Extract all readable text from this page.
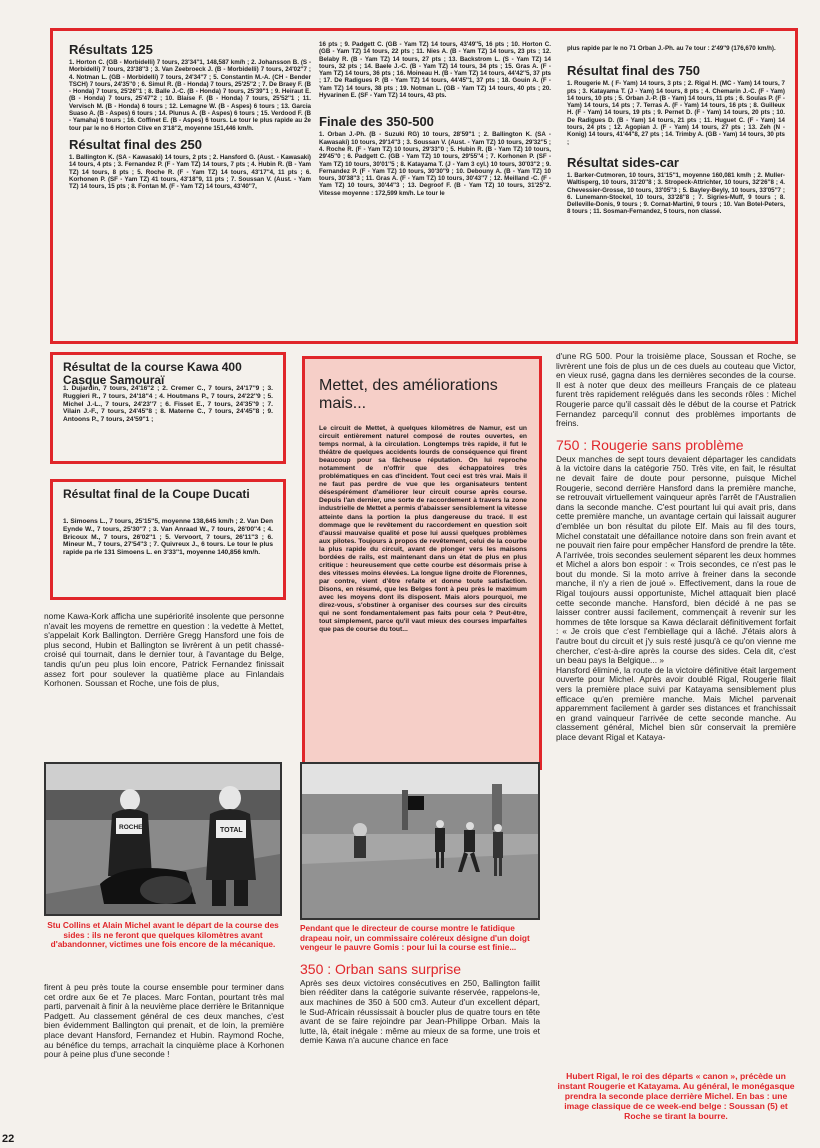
Résultats 125

1. Horton C. (GB - Morbidelli) 7 tours, 23'34''1, 148,587 km/h ; 2. Johansson B. (S - Morbidelli) 7 tours, 23'38''3 ; 3. Van Zeebroeck J. (B - Morbidelli) 7 tours, 24'02''7 ; 4. Notman L. (GB - Morbidelli) 7 tours, 24'34''7 ; 5. Constantin M.-A. (CH - Bender TSCH) 7 tours, 24'35''0 ; 6. Simul R. (B - Honda) 7 tours, 25'25''2 ; 7. De Braey F. (B - Honda) 7 tours, 25'26''1 ; 8. Balle J.-C. (B - Honda) 7 tours, 25'39''1 ; 9. Heiraut E. (B - Honda) 7 tours, 25'47''2 ; 10. Blaise F. (B - Honda) 7 tours, 25'52''1 ; 11. Vervisch M. (B - Honda) 6 tours ; 12. Lemagne W. (B - Aspes) 6 tours ; 13. Garcia Suaso A. (B - Aspes) 6 tours ; 14. Plunus A. (B - Aspes) 6 tours ; 15. Verdood F. (B - Yamaha) 6 tours ; 16. Coffinet E. (B - Aspes) 6 tours. Le tour le plus rapide au 2e tour par le no 6 Horton Clive en 3'18''2, moyenne 151,446 km/h.

Résultat final des 250

1. Ballington K. (SA - Kawasaki) 14 tours, 2 pts ; 2. Hansford G. (Aust. - Kawasaki) 14 tours, 4 pts ; 3. Fernandez P. (F - Yam TZ) 14 tours, 7 pts ; 4. Hubin R. (B - Yam TZ) 14 tours, 8 pts ; 5. Roche R. (F - Yam TZ) 14 tours, 43'17''4, 11 pts ; 6. Korhonen P. (SF - Yam TZ) 41 tours, 43'18''9, 11 pts ; 7. Soussan V. (Aust. - Yam TZ) 14 tours, 15 pts ; 8. Fontan M. (F - Yam TZ) 14 tours, 43'40''7,

16 pts ; 9. Padgett C. (GB - Yam TZ) 14 tours, 43'49''5, 16 pts ; 10. Horton C. (GB - Yam TZ) 14 tours, 22 pts ; 11. Nies A. (B - Yam TZ) 14 tours, 23 pts ; 12. Belaby R. (B - Yam TZ) 14 tours, 27 pts ; 13. Backstrom L. (S - Yam TZ) 14 tours, 32 pts ; 14. Baele J.-C. (B - Yam TZ) 14 tours, 34 pts ; 15. Gras A. (F - Yam TZ) 14 tours, 36 pts ; 16. Moineau H. (B - Yam TZ) 14 tours, 44'42''5, 37 pts ; 17. De Radigues P. (B - Yam TZ) 14 tours, 44'45''1, 37 pts ; 18. Gouin A. (F - Yam TZ) 14 tours, 38 pts ; 19. Notman L. (GB - Yam TZ) 14 tours, 40 pts ; 20. Hyvarinen E. (SF - Yam TZ) 14 tours, 43 pts.

Finale des 350-500

1. Orban J.-Ph. (B - Suzuki RG) 10 tours, 28'59''1 ; 2. Ballington K. (SA - Kawasaki) 10 tours, 29'14''3 ; 3. Soussan V. (Aust. - Yam TZ) 10 tours, 29'32''5 ; 4. Roche R. (F - Yam TZ) 10 tours, 29'33''0 ; 5. Hubin R. (B - Yam TZ) 10 tours, 29'45''0 ; 6. Padgett C. (GB - Yam TZ) 10 tours, 29'55''4 ; 7. Korhonen P. (SF - Yam TZ) 10 tours, 30'01''5 ; 8. Katayama T. (J - Yam 3 cyl.) 10 tours, 30'03''2 ; 9. Fernandez P. (F - Yam TZ) 10 tours, 30'30''9 ; 10. Debouny A. (B - Yam TZ) 10 tours, 30'38''3 ; 11. Gras A. (F - Yam TZ) 10 tours, 30'43''7 ; 12. Meilland -C. (F - Yam TZ) 10 tours, 30'44''3 ; 13. Degroof F. (B - Yam TZ) 10 tours, 31'25''2. Vitesse moyenne : 172,599 km/h. Le tour le

plus rapide par le no 71 Orban J.-Ph. au 7e tour : 2'49''9 (176,670 km/h).

Résultat final des 750

1. Rougerie M. ( F- Yam) 14 tours, 3 pts ; 2. Rigal H. (MC - Yam) 14 tours, 7 pts ; 3. Katayama T. (J - Yam) 14 tours, 8 pts ; 4. Chemarin J.-C. (F - Yam) 14 tours, 10 pts ; 5. Orban J.-P. (B - Yam) 14 tours, 11 pts ; 6. Soulas P. (F - Yam) 14 tours, 14 pts ; 7. Terras A. (F - Yam) 14 tours, 16 pts ; 8. Guilleux H. (F - Yam) 14 tours, 19 pts ; 9. Pernet D. (F - Yam) 14 tours, 20 pts ; 10. De Radigues D. (B - Yam) 14 tours, 21 pts ; 11. Huguet C. (F - Yam) 14 tours, 24 pts ; 12. Agopian J. (F - Yam) 14 tours, 27 pts ; 13. Zeh (N - Konig) 14 tours, 41'44''8, 27 pts ; 14. Trimby A. (GB - Yam) 14 tours, 30 pts ;

Résultat sides-car

1. Barker-Cutmoren, 10 tours, 31'15''1, moyenne 160,081 km/h ; 2. Muller-Waltisperg, 10 tours, 31'20''8 ; 3. Stropeck-Attrichter, 10 tours, 32'26''8 ; 4. Chevessier-Grosse, 10 tours, 33'05''3 ; 5. Bayley-Beyly, 10 tours, 33'05''7 ; 6. Lunemann-Stockel, 10 tours, 33'28''8 ; 7. Sigries-Muff, 9 tours ; 8. Delleville-Donis, 9 tours ; 9. Cornat-Martini, 9 tours ; 10. Van Botel-Peters, 8 tours ; 11. Sosman-Fernandez, 5 tours, non classé.

Résultat de la course Kawa 400 Casque Samouraï

1. Dujardin, 7 tours, 24'16''2 ; 2. Cremer C., 7 tours, 24'17''9 ; 3. Ruggieri R., 7 tours, 24'18''4 ; 4. Houtmans P., 7 tours, 24'22''9 ; 5. Michel J.-L., 7 tours, 24'23''7 ; 6. Fisset E., 7 tours, 24'35''9 ; 7. Vilain J.-F., 7 tours, 24'45''8 ; 8. Materne C., 7 tours, 24'45''8 ; 9. Antoons P., 7 tours, 24'59''1 ;

Résultat final de la Coupe Ducati

1. Simoens L., 7 tours, 25'15''5, moyenne 138,645 km/h ; 2. Van Den Eynde W., 7 tours, 25'30''7 ; 3. Van Anraad W., 7 tours, 26'00''4 ; 4. Bricoux M., 7 tours, 26'02''1 ; 5. Vervoort, 7 tours, 26'11''3 ; 6. Mineur M., 7 tours, 27'54''3 ; 7. Quivreux J., 6 tours. Le tour le plus rapide pa rle 131 Simoens L. en 3'33''1, moyenne 140,856 km/h.

Mettet, des améliorations mais...

Le circuit de Mettet, à quelques kilomètres de Namur, est un circuit entièrement naturel composé de routes ouvertes, en temps normal, à la circulation. Longtemps très rapide, il fut le théâtre de quelques accidents lourds de conséquence qui firent beaucoup pour sa fâcheuse réputation. On lui reproche notamment de n'offrir que des échappatoires très problématiques en cas d'incident. Tout ceci est très vrai. Mais il ne faut pas perdre de vue que les organisateurs tentent désespérément d'améliorer leur circuit course après course. Depuis l'an dernier, une sorte de raccordement à travers la zone industrielle de Mettet a permis d'abaisser sensiblement la vitesse atteinte dans la portion la plus dangereuse du tracé. Il est dommage que le revêtement du raccordement en question soit d'aussi mauvaise qualité et pose lui aussi quelques problèmes aux pilotes. Toujours à propos de revêtement, celui de la courbe la plus rapide du circuit, avant de plonger vers les maisons bordées de rails, est maintenant dans un état de plus en plus critique : heureusement que cette courbe est désormais prise à des vitesses moins élevées. La longue ligne droite de Florennes, par contre, vient d'être refaite et donne toute satisfaction. Disons, en résumé, que les Belges font à peu près le maximum avec les moyens dont ils disposent. Mais alors pourquoi, me direz-vous, s'obstiner à organiser des courses sur des circuits qui ne sont fondamentalement pas faits pour cela ? Peut-être, tout simplement, parce qu'il vaut mieux des courses imparfaites que pas de course du tout...

nome Kawa-Kork afficha une supériorité insolente que personne n'avait les moyens de remettre en question : la vedette à Mettet, s'appelait Kork Ballington. Derrière Gregg Hansford une fois de plus second, Hubin et Ballington se livrèrent à un petit chassé-croisé qui tournait, dans le dernier tour, à l'avantage du Belge, tandis qu'un peu plus loin encore, Patrick Fernandez finissait assez fort pour soulever la quatième place au Finlandais Korhonen. Soussan et Roche, une fois de plus,

ROCHER	TOTAL

Stu Collins et Alain Michel avant le départ de la course des sides : ils ne feront que quelques kilomètres avant d'abandonner, victimes une fois encore de la mécanique.

firent à peu près toute la course ensemble pour terminer dans cet ordre aux 6e et 7e places. Marc Fontan, pourtant très mal parti, parvenait à finir à la neuvième place derrière le Britannique Padgett. Au classement général de ces deux manches, c'est bien évidemment Ballington qui prenait, et de loin, la première place devant Hansford, Fernandez et Hubin. Raymond Roche, au bénéfice du temps, arrachait la cinquième place à Korhonen pour à peine plus d'une seconde !

Pendant que le directeur de course montre le fatidique drapeau noir, un commissaire coléreux désigne d'un doigt vengeur le pauvre Gomis : pour lui la course est finie...

350 : Orban sans surprise

Après ses deux victoires consécutives en 250, Ballington faillit bien rééditer dans la catégorie suivante réservée, rappelons-le, aux machines de 350 à 500 cm3. Auteur d'un excellent départ, le Sud-Africain réussissait à boucler plus de quatre tours en tête avant de se faire rejoindre par Jean-Philippe Orban. Mais la lutte, là, était inégale : même au mieux de sa forme, une trois et demie Kawa n'a aucune chance en face

d'une RG 500. Pour la troisième place, Soussan et Roche, se livrèrent une fois de plus un de ces duels au couteau que Victor, en vieux rusé, gagna dans les dernières secondes de la course. Il est à noter que deux des meilleurs Français de ce plateau furent très rapidement relégués dans les seconds rôles : Michel Rougerie parce qu'il cassait dès le début de la course et Patrick Fernandez parcequ'il connut des problèmes importants de freins.

750 : Rougerie sans problème

Deux manches de sept tours devaient départager les candidats à la victoire dans la catégorie 750. Très vite, en fait, le résultat ne devait faire de doute pour personne, puisque Michel Rougerie, second derrière Hansford dans la première manche, se retrouvait virtuellement vainqueur après l'arrêt de l'Australien dans la seconde manche. C'est pourtant lui qui avait pris, dans cette première manche, un avantage certain qui laissait augurer d'emblée un bon résultat du pilote Elf. Mais au fil des tours, Michel constatait une défaillance notoire dans son frein avant et ne pouvait rien faire pour empêcher Hansford de prendre la tête. A l'arrivée, trois secondes seulement séparent les deux hommes et Michel a alors bon espoir : « Trois secondes, ce n'est pas le bout du monde. Si la moto arrive à freiner dans la seconde manche, il n'y a rien de joué ». Effectivement, dans la roue de Rigal toujours aussi opportuniste, Michel attaquait bien placé cette seconde manche. Hansford, bien décidé à ne pas se laisser contrer aussi facilement, commençait à revenir sur les hommes de tête lorsque sa Kawa déclarait définitivement forfait : « Je crois que c'est l'embiellage qui a lâché. J'étais alors à l'autre bout du circuit et j'y suis resté jusqu'à ce qu'on vienne me chercher, c'est-à-dire après la course des sides. Cela dit, c'est un beau pays la Belgique... »

Hansford éliminé, la route de la victoire définitive était largement ouverte pour Michel. Après avoir doublé Rigal, Rougerie filait vers la première place suivi par Katayama sensiblement plus efficace qu'en première manche. Mais Michel parvenait apparemment facilement à garder ses distances et franchissait en grand vainqueur l'arrivée de cette seconde manche. Au classement général, Michel bien sûr conservait la première place devant Rigal et Kataya-

Hubert Rigal, le roi des départs « canon », précède un instant Rougerie et Katayama. Au général, le monégasque prendra la seconde place derrière Michel. En bas : une image classique de ce week-end belge : Soussan (5) et Roche se tirant la bourre.

22
